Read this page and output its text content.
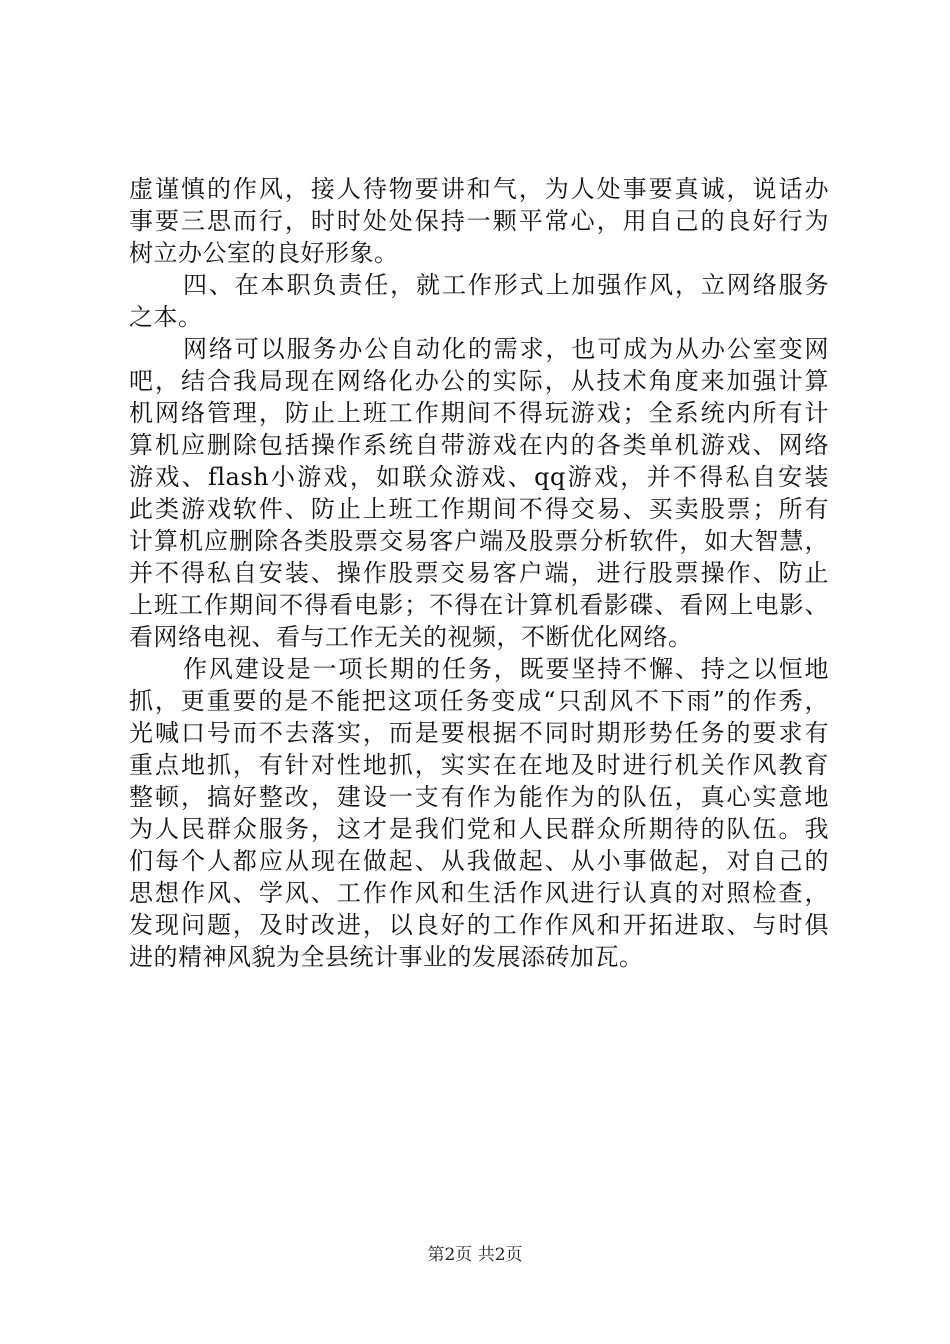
虚谨慎的作风，接人待物要讲和气，为人处事要真诚，说话办
事要三思而行，时时处处保持一颗平常心，用自己的良好行为
树立办公室的良好形象。
四、在本职负责任，就工作形式上加强作风，立网络服务
之本。
网络可以服务办公自动化的需求，也可成为从办公室变网
吧，结合我局现在网络化办公的实际，从技术角度来加强计算
机网络管理，防止上班工作期间不得玩游戏；全系统内所有计
算机应删除包括操作系统自带游戏在内的各类单机游戏、网络
游戏、flash小游戏，如联众游戏、qq游戏，并不得私自安装
此类游戏软件、防止上班工作期间不得交易、买卖股票；所有
计算机应删除各类股票交易客户端及股票分析软件，如大智慧，
并不得私自安装、操作股票交易客户端，进行股票操作、防止
上班工作期间不得看电影；不得在计算机看影碟、看网上电影、
看网络电视、看与工作无关的视频，不断优化网络。
作风建设是一项长期的任务，既要坚持不懈、持之以恒地
抓，更重要的是不能把这项任务变成“只刮风不下雨”的作秀，
光喊口号而不去落实，而是要根据不同时期形势任务的要求有
重点地抓，有针对性地抓，实实在在地及时进行机关作风教育
整顿，搞好整改，建设一支有作为能作为的队伍，真心实意地
为人民群众服务，这才是我们党和人民群众所期待的队伍。我
们每个人都应从现在做起、从我做起、从小事做起，对自己的
思想作风、学风、工作作风和生活作风进行认真的对照检查，
发现问题，及时改进，以良好的工作作风和开拓进取、与时俱
进的精神风貌为全县统计事业的发展添砖加瓦。
第2页 共2页
